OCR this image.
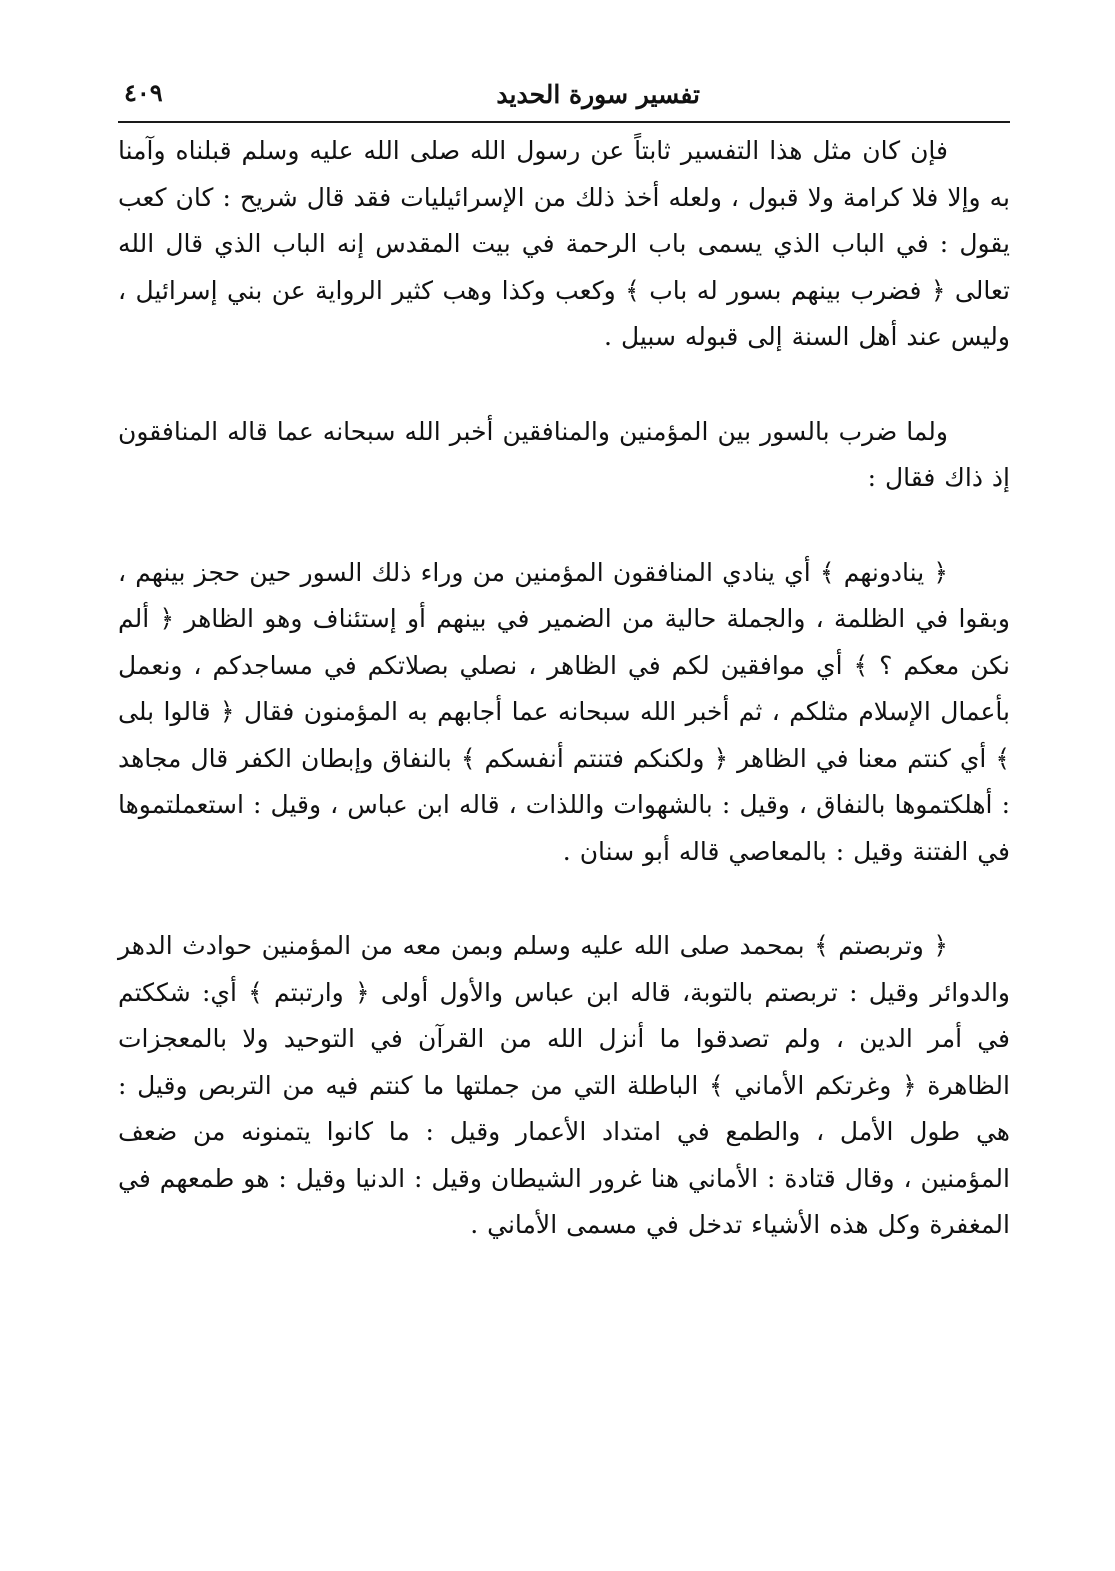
تفسير سورة الحديد
٤٠٩

فإن كان مثل هذا التفسير ثابتاً عن رسول الله صلى الله عليه وسلم قبلناه وآمنا به وإلا فلا كرامة ولا قبول ، ولعله أخذ ذلك من الإسرائيليات فقد قال شريح : كان كعب يقول : في الباب الذي يسمى باب الرحمة في بيت المقدس إنه الباب الذي قال الله تعالى ﴿ فضرب بينهم بسور له باب ﴾ وكعب وكذا وهب كثير الرواية عن بني إسرائيل ، وليس عند أهل السنة إلى قبوله سبيل .

ولما ضرب بالسور بين المؤمنين والمنافقين أخبر الله سبحانه عما قاله المنافقون إذ ذاك فقال :

﴿ ينادونهم ﴾ أي ينادي المنافقون المؤمنين من وراء ذلك السور حين حجز بينهم ، وبقوا في الظلمة ، والجملة حالية من الضمير في بينهم أو إستئناف وهو الظاهر ﴿ ألم نكن معكم ؟ ﴾ أي موافقين لكم في الظاهر ، نصلي بصلاتكم في مساجدكم ، ونعمل بأعمال الإسلام مثلكم ، ثم أخبر الله سبحانه عما أجابهم به المؤمنون فقال ﴿ قالوا بلى ﴾ أي كنتم معنا في الظاهر ﴿ ولكنكم فتنتم أنفسكم ﴾ بالنفاق وإبطان الكفر قال مجاهد : أهلكتموها بالنفاق ، وقيل : بالشهوات واللذات ، قاله ابن عباس ، وقيل : استعملتموها في الفتنة وقيل : بالمعاصي قاله أبو سنان .

﴿ وتربصتم ﴾ بمحمد صلى الله عليه وسلم وبمن معه من المؤمنين حوادث الدهر والدوائر وقيل : تربصتم بالتوبة، قاله ابن عباس والأول أولى ﴿ وارتبتم ﴾ أي: شككتم في أمر الدين ، ولم تصدقوا ما أنزل الله من القرآن في التوحيد ولا بالمعجزات الظاهرة ﴿ وغرتكم الأماني ﴾ الباطلة التي من جملتها ما كنتم فيه من التربص وقيل : هي طول الأمل ، والطمع في امتداد الأعمار وقيل : ما كانوا يتمنونه من ضعف المؤمنين ، وقال قتادة : الأماني هنا غرور الشيطان وقيل : الدنيا وقيل : هو طمعهم في المغفرة وكل هذه الأشياء تدخل في مسمى الأماني .
